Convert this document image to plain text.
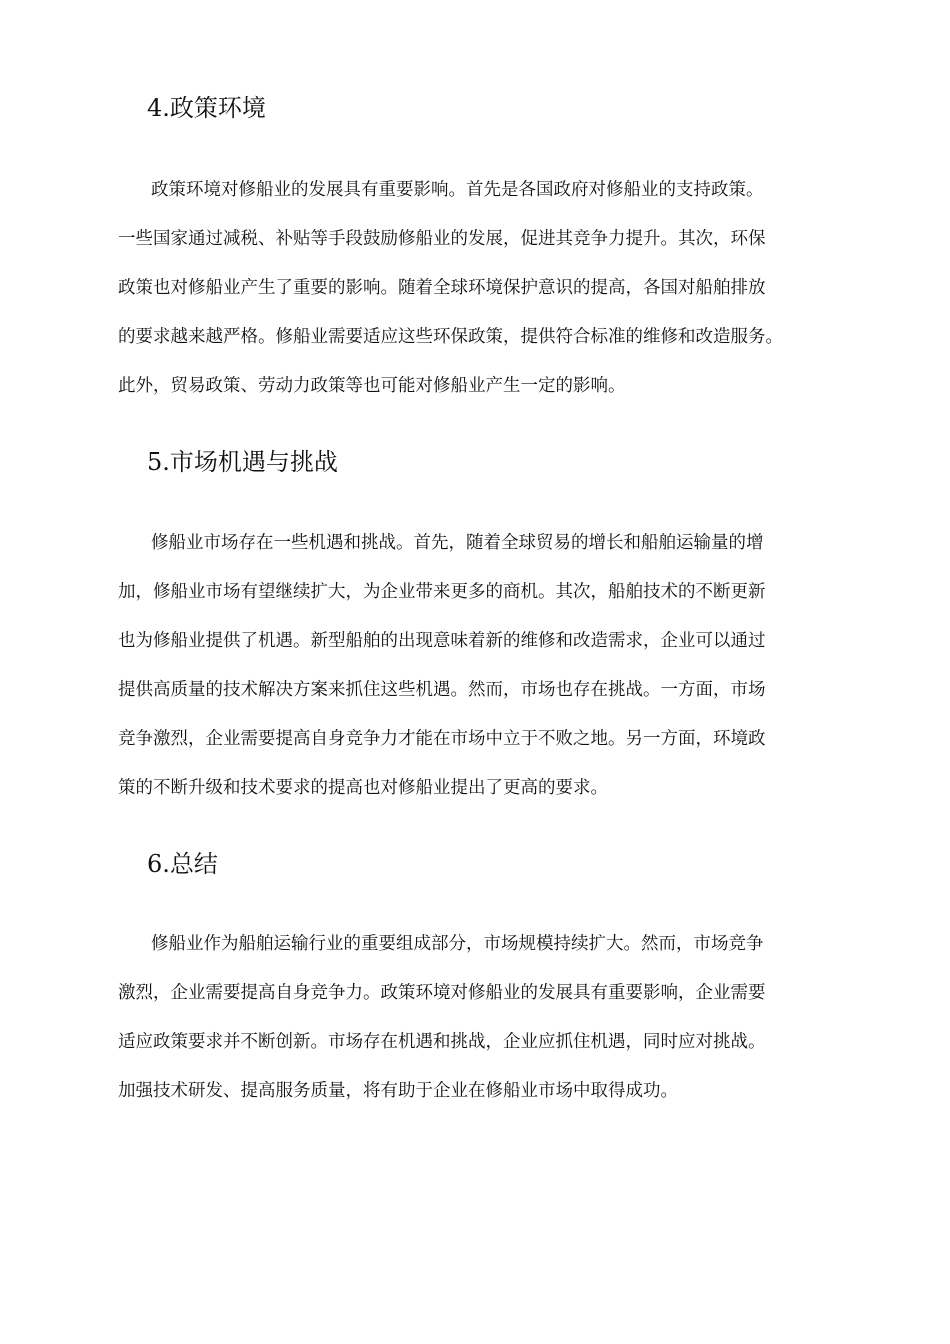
4.政策环境
政策环境对修船业的发展具有重要影响。首先是各国政府对修船业的支持政策。
一些国家通过减税、补贴等手段鼓励修船业的发展，促进其竞争力提升。其次，环保
政策也对修船业产生了重要的影响。随着全球环境保护意识的提高，各国对船舶排放
的要求越来越严格。修船业需要适应这些环保政策，提供符合标准的维修和改造服务。
此外，贸易政策、劳动力政策等也可能对修船业产生一定的影响。
5.市场机遇与挑战
修船业市场存在一些机遇和挑战。首先，随着全球贸易的增长和船舶运输量的增
加，修船业市场有望继续扩大，为企业带来更多的商机。其次，船舶技术的不断更新
也为修船业提供了机遇。新型船舶的出现意味着新的维修和改造需求，企业可以通过
提供高质量的技术解决方案来抓住这些机遇。然而，市场也存在挑战。一方面，市场
竞争激烈，企业需要提高自身竞争力才能在市场中立于不败之地。另一方面，环境政
策的不断升级和技术要求的提高也对修船业提出了更高的要求。
6.总结
修船业作为船舶运输行业的重要组成部分，市场规模持续扩大。然而，市场竞争
激烈，企业需要提高自身竞争力。政策环境对修船业的发展具有重要影响，企业需要
适应政策要求并不断创新。市场存在机遇和挑战，企业应抓住机遇，同时应对挑战。
加强技术研发、提高服务质量，将有助于企业在修船业市场中取得成功。
